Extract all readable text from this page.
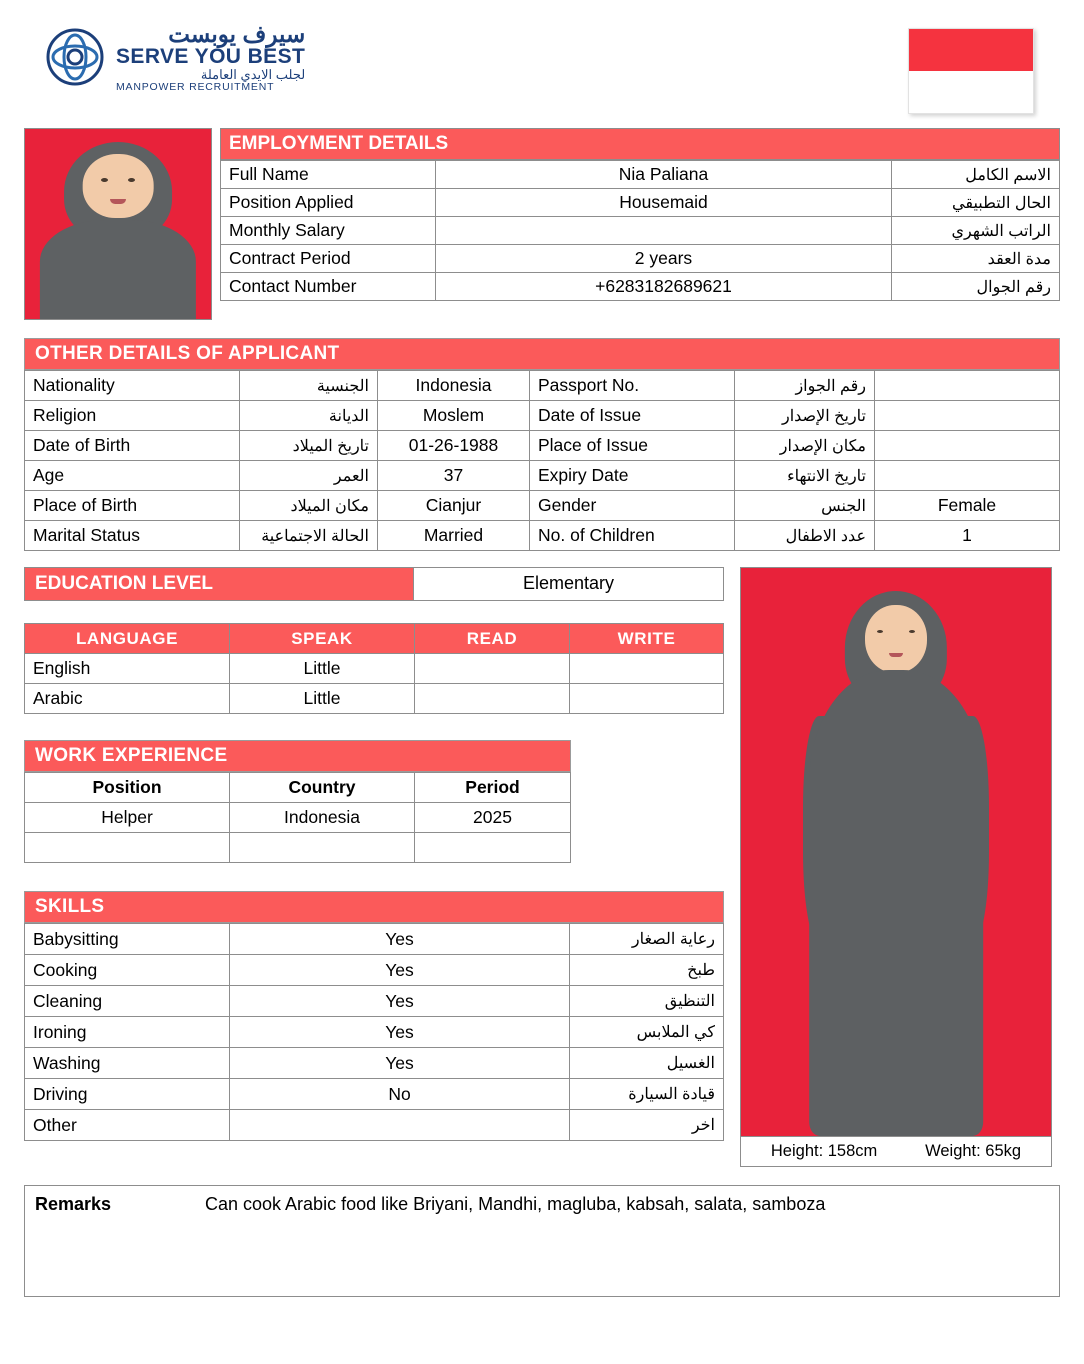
سيرف يوبست
SERVE YOU BEST
لجلب الايدي العاملة
MANPOWER RECRUITMENT
EMPLOYMENT DETAILS
Full Name	Nia Paliana	الاسم الكامل
Position Applied	Housemaid	الحال التطبيقي
Monthly Salary		الراتب الشهري
Contract Period	2 years	مدة العقد
Contact Number	+6283182689621	رقم الجوال
OTHER DETAILS OF APPLICANT
Nationality	الجنسية	Indonesia	Passport No.	رقم الجواز	
Religion	الديانة	Moslem	Date of Issue	تاريخ الإصدار	
Date of Birth	تاريخ الميلاد	01-26-1988	Place of Issue	مكان الإصدار	
Age	العمر	37	Expiry Date	تاريخ الانتهاء	
Place of Birth	مكان الميلاد	Cianjur	Gender	الجنس	Female
Marital Status	الحالة الاجتماعية	Married	No. of Children	عدد الاطفال	1
EDUCATION LEVEL	Elementary
LANGUAGE	SPEAK	READ	WRITE
English	Little		
Arabic	Little		
WORK EXPERIENCE
Position	Country	Period
Helper	Indonesia	2025

SKILLS
Babysitting	Yes	رعاية الصغار
Cooking	Yes	طبخ
Cleaning	Yes	التنظيق
Ironing	Yes	كي الملابس
Washing	Yes	الغسيل
Driving	No	قيادة السيارة
Other		اخر
Height: 158cm	Weight: 65kg
Remarks	Can cook Arabic food like Briyani, Mandhi, magluba, kabsah, salata, samboza
